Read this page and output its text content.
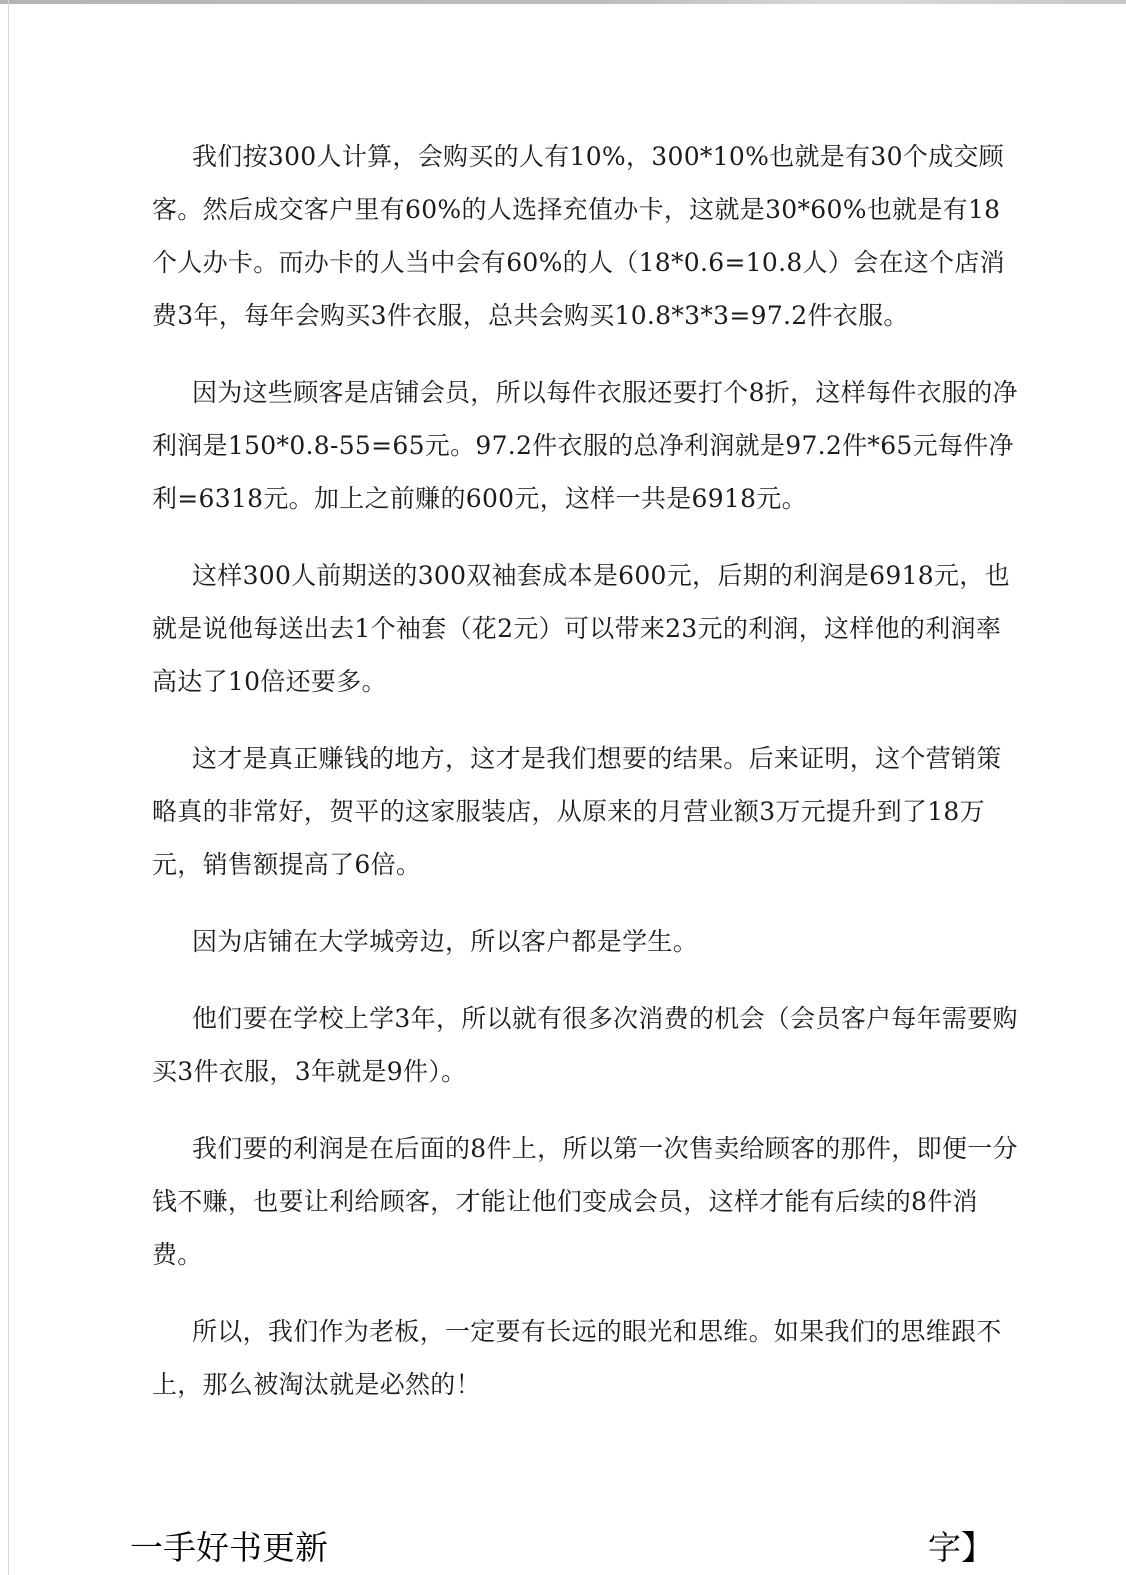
我们按300人计算，会购买的人有10%，300*10%也就是有30个成交顾客。然后成交客户里有60%的人选择充值办卡，这就是30*60%也就是有18个人办卡。而办卡的人当中会有60%的人（18*0.6=10.8人）会在这个店消费3年，每年会购买3件衣服，总共会购买10.8*3*3=97.2件衣服。

因为这些顾客是店铺会员，所以每件衣服还要打个8折，这样每件衣服的净利润是150*0.8-55=65元。97.2件衣服的总净利润就是97.2件*65元每件净利=6318元。加上之前赚的600元，这样一共是6918元。

这样300人前期送的300双袖套成本是600元，后期的利润是6918元，也就是说他每送出去1个袖套（花2元）可以带来23元的利润，这样他的利润率高达了10倍还要多。

这才是真正赚钱的地方，这才是我们想要的结果。后来证明，这个营销策略真的非常好，贺平的这家服装店，从原来的月营业额3万元提升到了18万元，销售额提高了6倍。

因为店铺在大学城旁边，所以客户都是学生。

他们要在学校上学3年，所以就有很多次消费的机会（会员客户每年需要购买3件衣服，3年就是9件）。

我们要的利润是在后面的8件上，所以第一次售卖给顾客的那件，即便一分钱不赚，也要让利给顾客，才能让他们变成会员，这样才能有后续的8件消费。

所以，我们作为老板，一定要有长远的眼光和思维。如果我们的思维跟不上，那么被淘汰就是必然的！

一手好书更新	字】
